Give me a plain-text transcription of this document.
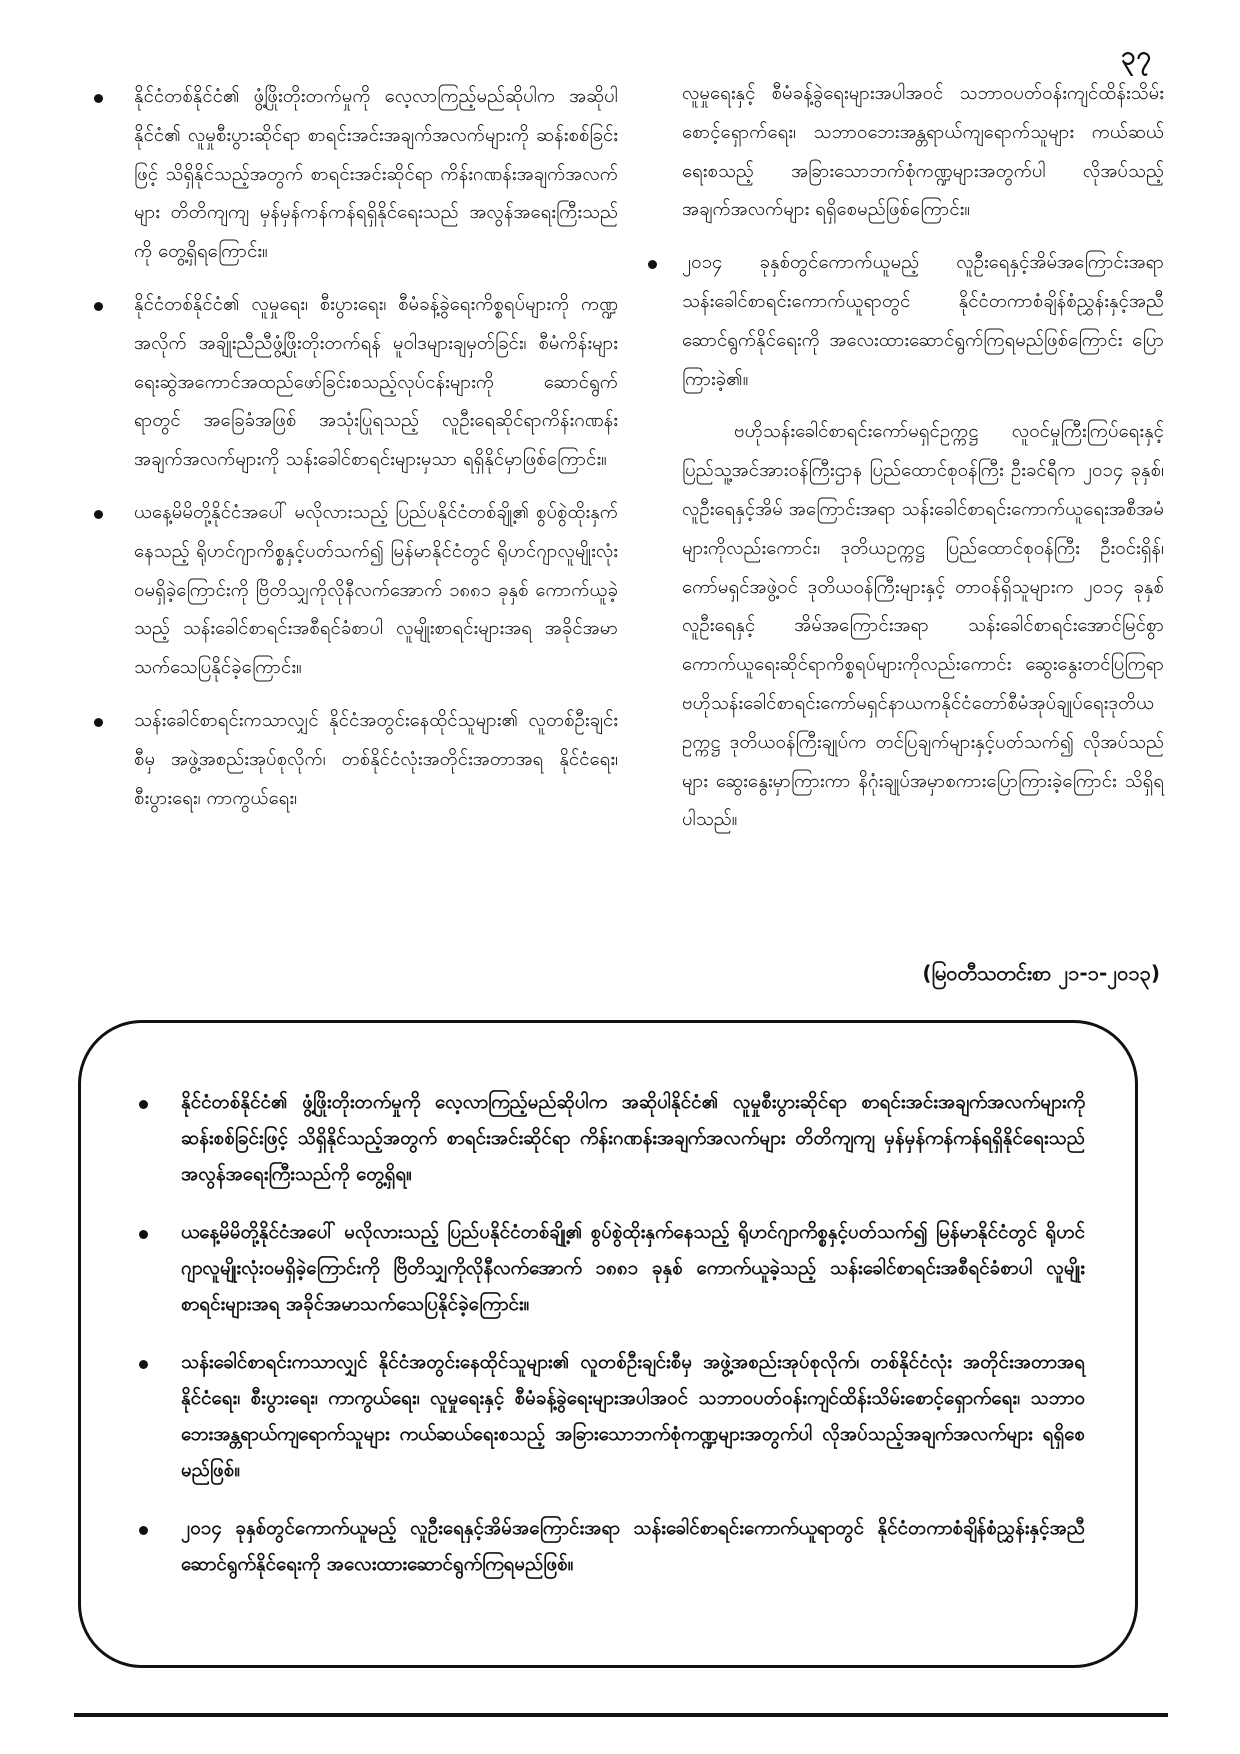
၃၇
နိုင်ငံတစ်နိုင်ငံ၏ ဖွံ့ဖြိုးတိုးတက်မှုကို လေ့လာကြည့်မည်ဆိုပါက အဆိုပါနိုင်ငံ၏ လူမှုစီးပွားဆိုင်ရာ စာရင်းအင်းအချက်အလက်များကို ဆန်းစစ်ခြင်းဖြင့် သိရှိနိုင်သည့်အတွက် စာရင်းအင်းဆိုင်ရာ ကိန်းဂဏန်းအချက်အလက်များ တိတိကျကျ မှန်မှန်ကန်ကန်ရရှိနိုင်ရေးသည် အလွန်အရေးကြီးသည်ကို တွေ့ရှိရကြောင်း။
နိုင်ငံတစ်နိုင်ငံ၏ လူမှုရေး၊ စီးပွားရေး၊ စီမံခန့်ခွဲရေးကိစ္စရပ်များကို ကဏ္ဍအလိုက် အချိုးညီညီဖွံ့ဖြိုးတိုးတက်ရန် မူဝါဒများချမှတ်ခြင်း၊ စီမံကိန်းများရေးဆွဲအကောင်အထည်ဖော်ခြင်းစသည့်လုပ်ငန်းများကို ဆောင်ရွက်ရာတွင် အခြေခံအဖြစ် အသုံးပြုရသည့် လူဦးရေဆိုင်ရာကိန်းဂဏန်းအချက်အလက်များကို သန်းခေါင်စာရင်းများမှသာ ရရှိနိုင်မှာဖြစ်ကြောင်း။
ယနေ့မိမိတို့နိုင်ငံအပေါ် မလိုလားသည့် ပြည်ပနိုင်ငံတစ်ချို့၏ စွပ်စွဲထိုးနှက်နေသည့် ရိုဟင်ဂျာကိစ္စနှင့်ပတ်သက်၍ မြန်မာနိုင်ငံတွင် ရိုဟင်ဂျာလူမျိုးလုံးဝမရှိခဲ့ကြောင်းကို ဗြိတိသျှကိုလိုနီလက်အောက် ၁၈၈၁ ခုနှစ် ကောက်ယူခဲ့သည့် သန်းခေါင်စာရင်းအစီရင်ခံစာပါ လူမျိုးစာရင်းများအရ အခိုင်အမာသက်သေပြနိုင်ခဲ့ကြောင်း။
သန်းခေါင်စာရင်းကသာလျှင် နိုင်ငံအတွင်းနေထိုင်သူများ၏ လူတစ်ဦးချင်းစီမှ အဖွဲ့အစည်းအုပ်စုလိုက်၊ တစ်နိုင်ငံလုံးအတိုင်းအတာအရ နိုင်ငံရေး၊ စီးပွားရေး၊ ကာကွယ်ရေး၊

လူမှုရေးနှင့် စီမံခန့်ခွဲရေးများအပါအဝင် သဘာဝပတ်ဝန်းကျင်ထိန်းသိမ်းစောင့်ရှောက်ရေး၊ သဘာဝဘေးအန္တရာယ်ကျရောက်သူများ ကယ်ဆယ်ရေးစသည့် အခြားသောဘက်စုံကဏ္ဍများအတွက်ပါ လိုအပ်သည့်အချက်အလက်များ ရရှိစေမည်ဖြစ်ကြောင်း။

၂၀၁၄ ခုနှစ်တွင်ကောက်ယူမည့် လူဦးရေနှင့်အိမ်အကြောင်းအရာ သန်းခေါင်စာရင်းကောက်ယူရာတွင် နိုင်ငံတကာစံချိန်စံညွှန်းနှင့်အညီ ဆောင်ရွက်နိုင်ရေးကို အလေးထားဆောင်ရွက်ကြရမည်ဖြစ်ကြောင်း ပြောကြားခဲ့၏။

ဗဟိုသန်းခေါင်စာရင်းကော်မရှင်ဥက္ကဋ္ဌ လူဝင်မှုကြီးကြပ်ရေးနှင့်ပြည်သူ့အင်အားဝန်ကြီးဌာန ပြည်ထောင်စုဝန်ကြီး ဦးခင်ရီက ၂၀၁၄ ခုနှစ်၊ လူဦးရေနှင့်အိမ် အကြောင်းအရာ သန်းခေါင်စာရင်းကောက်ယူရေးအစီအမံများကိုလည်းကောင်း၊ ဒုတိယဥက္ကဋ္ဌ ပြည်ထောင်စုဝန်ကြီး ဦးဝင်းရှိန်၊ ကော်မရှင်အဖွဲ့ဝင် ဒုတိယဝန်ကြီးများနှင့် တာဝန်ရှိသူများက ၂၀၁၄ ခုနှစ် လူဦးရေနှင့် အိမ်အကြောင်းအရာ သန်းခေါင်စာရင်းအောင်မြင်စွာ ကောက်ယူရေးဆိုင်ရာကိစ္စရပ်များကိုလည်းကောင်း ဆွေးနွေးတင်ပြကြရာ ဗဟိုသန်းခေါင်စာရင်းကော်မရှင်နာယကနိုင်ငံတော်စီမံအုပ်ချုပ်ရေးဒုတိယဥက္ကဋ္ဌ ဒုတိယဝန်ကြီးချုပ်က တင်ပြချက်များနှင့်ပတ်သက်၍ လိုအပ်သည်များ ဆွေးနွေးမှာကြားကာ နိဂုံးချုပ်အမှာစကားပြောကြားခဲ့ကြောင်း သိရှိရပါသည်။

(မြဝတီသတင်းစာ ၂၁-၁-၂၀၁၃)
နိုင်ငံတစ်နိုင်ငံ၏ ဖွံ့ဖြိုးတိုးတက်မှုကို လေ့လာကြည့်မည်ဆိုပါက အဆိုပါနိုင်ငံ၏ လူမှုစီးပွားဆိုင်ရာ စာရင်းအင်းအချက်အလက်များကို ဆန်းစစ်ခြင်းဖြင့် သိရှိနိုင်သည့်အတွက် စာရင်းအင်းဆိုင်ရာ ကိန်းဂဏန်းအချက်အလက်များ တိတိကျကျ မှန်မှန်ကန်ကန်ရရှိနိုင်ရေးသည် အလွန်အရေးကြီးသည်ကို တွေ့ရှိရ။
ယနေ့မိမိတို့နိုင်ငံအပေါ် မလိုလားသည့် ပြည်ပနိုင်ငံတစ်ချို့၏ စွပ်စွဲထိုးနှက်နေသည့် ရိုဟင်ဂျာကိစ္စနှင့်ပတ်သက်၍ မြန်မာနိုင်ငံတွင် ရိုဟင်ဂျာလူမျိုးလုံးဝမရှိခဲ့ကြောင်းကို ဗြိတိသျှကိုလိုနီလက်အောက် ၁၈၈၁ ခုနှစ် ကောက်ယူခဲ့သည့် သန်းခေါင်စာရင်းအစီရင်ခံစာပါ လူမျိုးစာရင်းများအရ အခိုင်အမာသက်သေပြနိုင်ခဲ့ကြောင်း။
သန်းခေါင်စာရင်းကသာလျှင် နိုင်ငံအတွင်းနေထိုင်သူများ၏ လူတစ်ဦးချင်းစီမှ အဖွဲ့အစည်းအုပ်စုလိုက်၊ တစ်နိုင်ငံလုံး အတိုင်းအတာအရ နိုင်ငံရေး၊ စီးပွားရေး၊ ကာကွယ်ရေး၊ လူမှုရေးနှင့် စီမံခန့်ခွဲရေးများအပါအဝင် သဘာဝပတ်ဝန်းကျင်ထိန်းသိမ်းစောင့်ရှောက်ရေး၊ သဘာဝဘေးအန္တရာယ်ကျရောက်သူများ ကယ်ဆယ်ရေးစသည့် အခြားသောဘက်စုံကဏ္ဍများအတွက်ပါ လိုအပ်သည့်အချက်အလက်များ ရရှိစေမည်ဖြစ်။
၂၀၁၄ ခုနှစ်တွင်ကောက်ယူမည့် လူဦးရေနှင့်အိမ်အကြောင်းအရာ သန်းခေါင်စာရင်းကောက်ယူရာတွင် နိုင်ငံတကာစံချိန်စံညွှန်းနှင့်အညီ ဆောင်ရွက်နိုင်ရေးကို အလေးထားဆောင်ရွက်ကြရမည်ဖြစ်။
